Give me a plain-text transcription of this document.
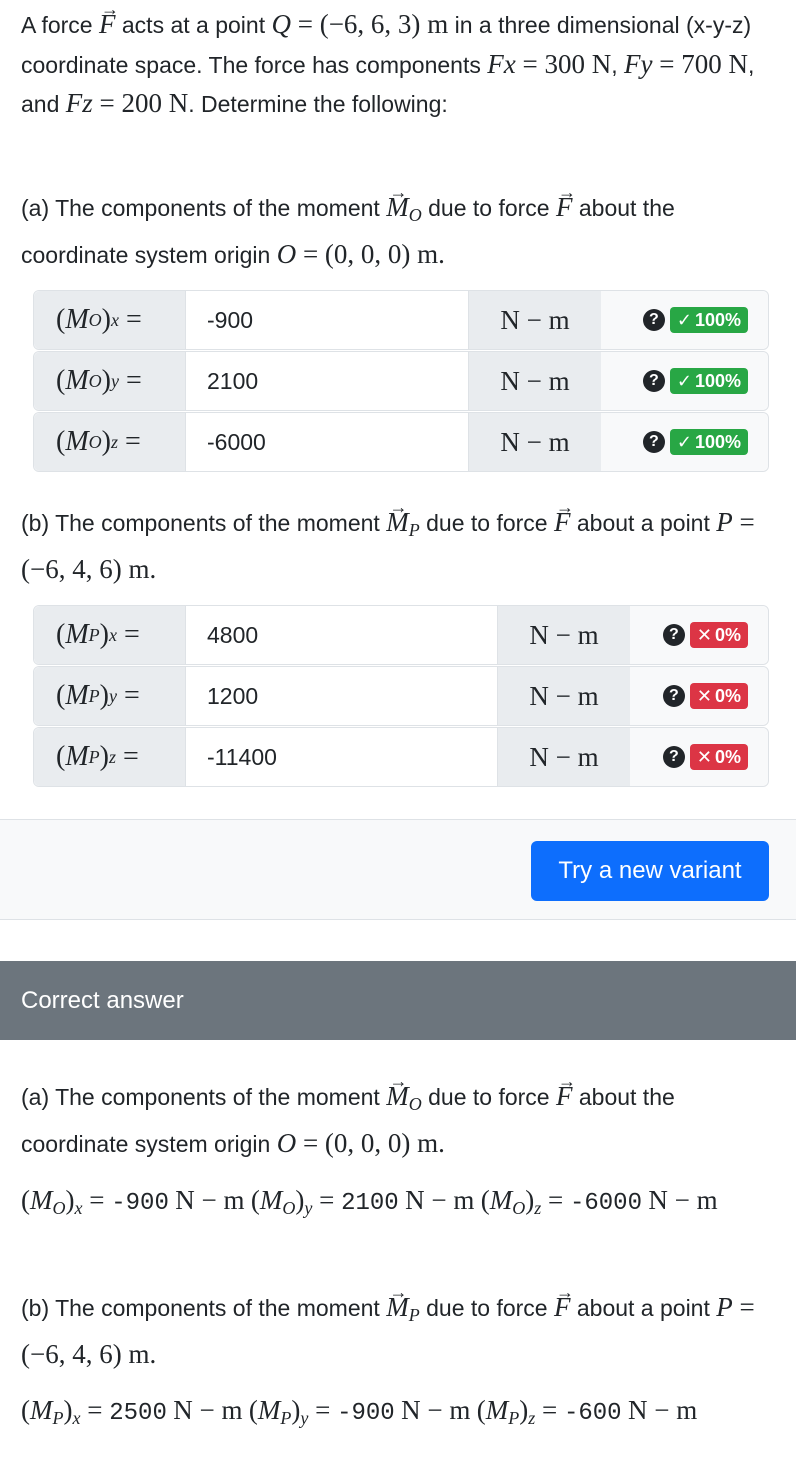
A force → F acts at a point Q = (−6, 6, 3) m in a three dimensional (x-y-z) coordinate space. The force has components Fx = 300 N, Fy = 700 N, and Fz = 200 N. Determine the following:
(a) The components of the moment → $M_O$ due to force → F about the coordinate system origin O = (0, 0, 0) m.
( M O ) x =	-900	N − m	?	✓ 100%
( M O ) y =	2100	N − m	?	✓ 100%
( M O ) z =	-6000	N − m	?	✓ 100%
(b) The components of the moment → $M_P$ due to force → F about a point P = (−6, 4, 6) m.
( M P ) x =	4800	N − m	?	✕ 0%
( M P ) y =	1200	N − m	?	✕ 0%
( M P ) z =	-11400	N − m	?	✕ 0%
Try a new variant
Correct answer
(a) The components of the moment → $M_O$ due to force → F about the coordinate system origin O = (0, 0, 0) m.
$(M_O)_x = -900$ N − m $(M_O)_y = 2100$ N − m $(M_O)_z = -6000$ N − m
(b) The components of the moment → $M_P$ due to force → F about a point P = (−6, 4, 6) m.
$(M_P)_x = 2500$ N − m $(M_P)_y = -900$ N − m $(M_P)_z = -600$ N − m
